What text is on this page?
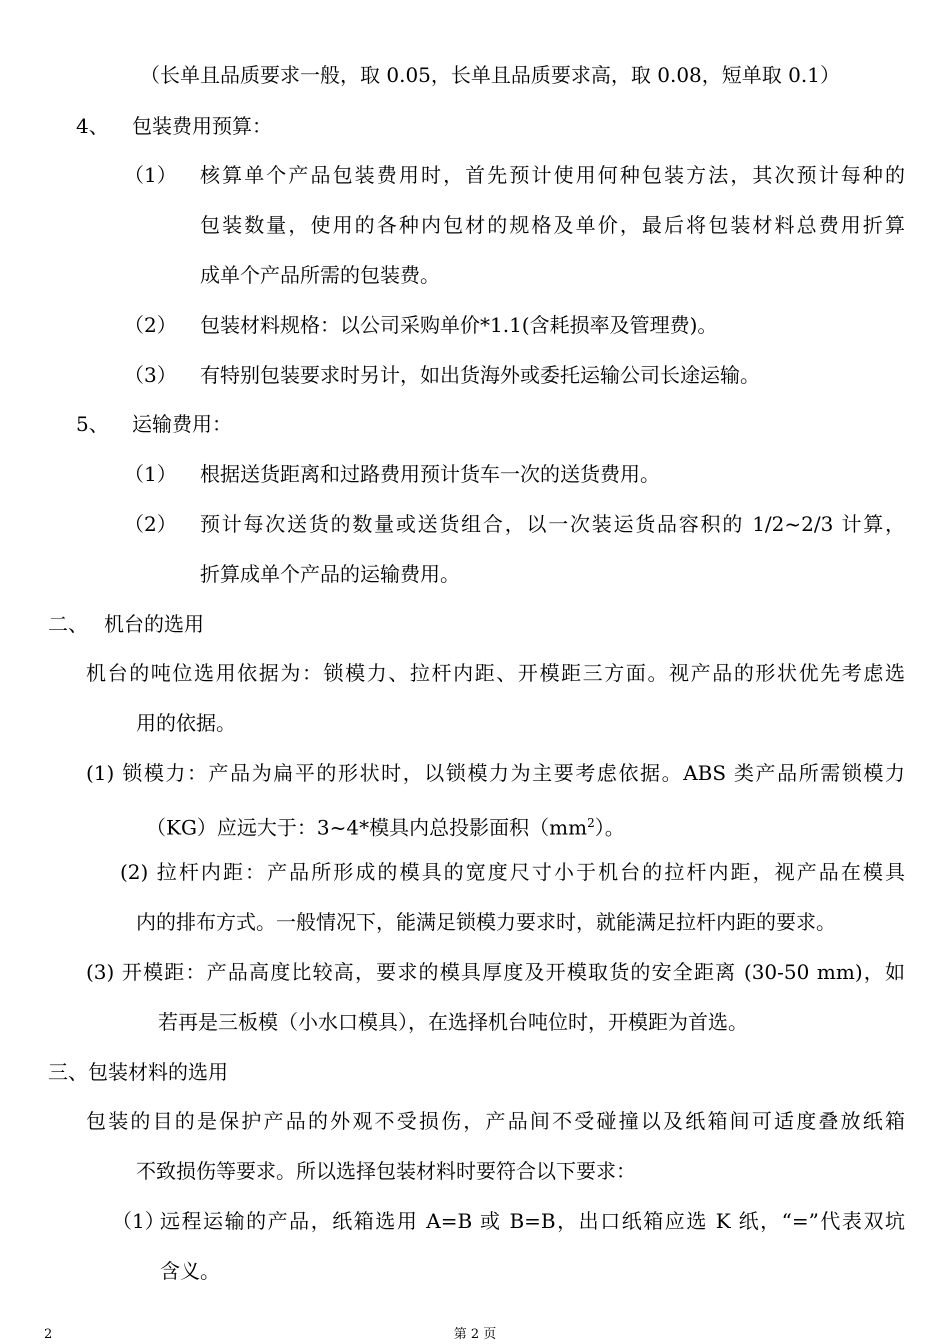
（长单且品质要求一般，取 0.05，长单且品质要求高，取 0.08，短单取 0.1）
4、 包装费用预算：
（1） 核算单个产品包装费用时，首先预计使用何种包装方法，其次预计每种的
包装数量，使用的各种内包材的规格及单价，最后将包装材料总费用折算
成单个产品所需的包装费。
（2） 包装材料规格：以公司采购单价*1.1(含耗损率及管理费)。
（3） 有特别包装要求时另计，如出货海外或委托运输公司长途运输。
5、 运输费用：
（1） 根据送货距离和过路费用预计货车一次的送货费用。
（2） 预计每次送货的数量或送货组合，以一次装运货品容积的 1/2~2/3 计算，
折算成单个产品的运输费用。
二、 机台的选用
机台的吨位选用依据为：锁模力、拉杆内距、开模距三方面。视产品的形状优先考虑选
用的依据。
(1) 锁模力：产品为扁平的形状时，以锁模力为主要考虑依据。ABS 类产品所需锁模力
（KG）应远大于：3~4*模具内总投影面积$(mm^2)$。
(2) 拉杆内距：产品所形成的模具的宽度尺寸小于机台的拉杆内距，视产品在模具
内的排布方式。一般情况下，能满足锁模力要求时，就能满足拉杆内距的要求。
(3) 开模距：产品高度比较高，要求的模具厚度及开模取货的安全距离 (30-50 mm)，如
若再是三板模（小水口模具），在选择机台吨位时，开模距为首选。
三、包装材料的选用
包装的目的是保护产品的外观不受损伤，产品间不受碰撞以及纸箱间可适度叠放纸箱
不致损伤等要求。所以选择包装材料时要符合以下要求：
（1）
远程运输的产品，纸箱选用 A=B 或 B=B，出口纸箱应选 K 纸，“=”代表双坑
含义。
2	第 2 页
